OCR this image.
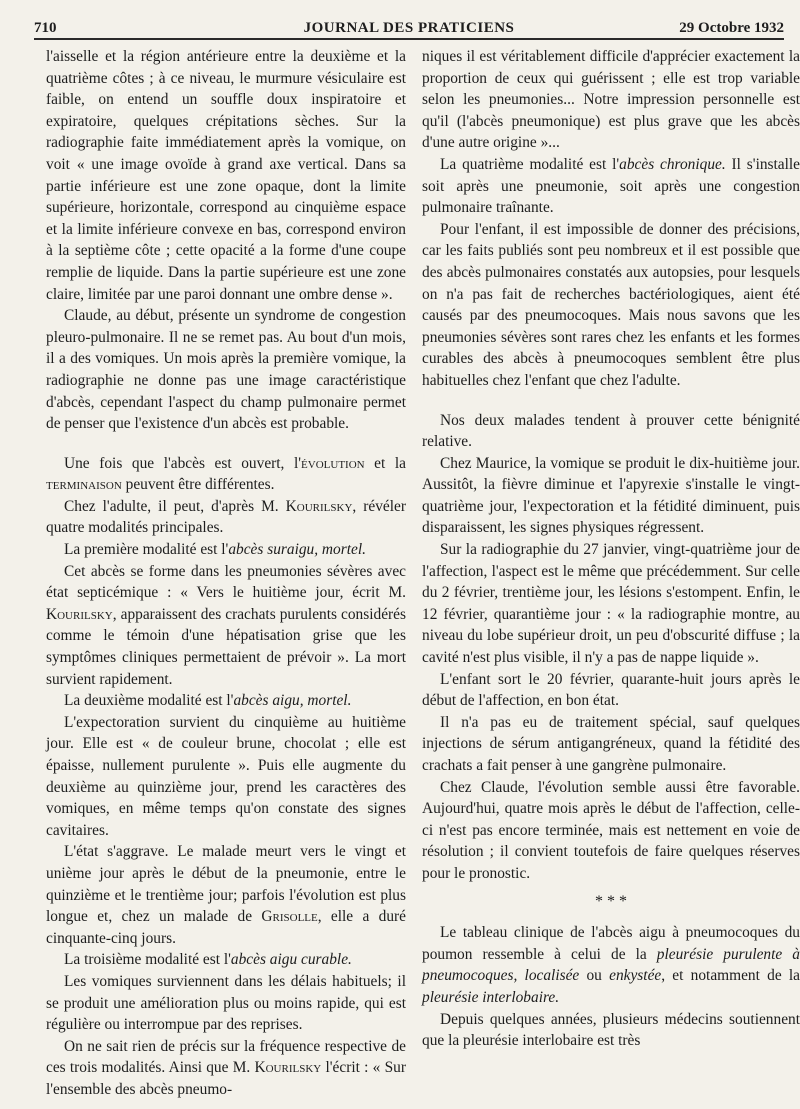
710	JOURNAL DES PRATICIENS	29 Octobre 1932

l'aisselle et la région antérieure entre la deuxième et la quatrième côtes ; à ce niveau, le murmure vésiculaire est faible, on entend un souffle doux inspiratoire et expiratoire, quelques crépitations sèches. Sur la radiographie faite immédiatement après la vomique, on voit « une image ovoïde à grand axe vertical. Dans sa partie inférieure est une zone opaque, dont la limite supérieure, horizontale, correspond au cinquième espace et la limite inférieure convexe en bas, correspond environ à la septième côte ; cette opacité a la forme d'une coupe remplie de liquide. Dans la partie supérieure est une zone claire, limitée par une paroi donnant une ombre dense ».

Claude, au début, présente un syndrome de congestion pleuro-pulmonaire. Il ne se remet pas. Au bout d'un mois, il a des vomiques. Un mois après la première vomique, la radiographie ne donne pas une image caractéristique d'abcès, cependant l'aspect du champ pulmonaire permet de penser que l'existence d'un abcès est probable.

Une fois que l'abcès est ouvert, l'évolution et la terminaison peuvent être différentes.

Chez l'adulte, il peut, d'après M. Kourilsky, révéler quatre modalités principales.

La première modalité est l'abcès suraigu, mortel.

Cet abcès se forme dans les pneumonies sévères avec état septicémique : « Vers le huitième jour, écrit M. Kourilsky, apparaissent des crachats purulents considérés comme le témoin d'une hépatisation grise que les symptômes cliniques permettaient de prévoir ». La mort survient rapidement.

La deuxième modalité est l'abcès aigu, mortel.

L'expectoration survient du cinquième au huitième jour. Elle est « de couleur brune, chocolat ; elle est épaisse, nullement purulente ». Puis elle augmente du deuxième au quinzième jour, prend les caractères des vomiques, en même temps qu'on constate des signes cavitaires.

L'état s'aggrave. Le malade meurt vers le vingt et unième jour après le début de la pneumonie, entre le quinzième et le trentième jour; parfois l'évolution est plus longue et, chez un malade de Grisolle, elle a duré cinquante-cinq jours.

La troisième modalité est l'abcès aigu curable.

Les vomiques surviennent dans les délais habituels; il se produit une amélioration plus ou moins rapide, qui est régulière ou interrompue par des reprises.

On ne sait rien de précis sur la fréquence respective de ces trois modalités. Ainsi que M. Kourilsky l'écrit : « Sur l'ensemble des abcès pneumo-

niques il est véritablement difficile d'apprécier exactement la proportion de ceux qui guérissent ; elle est trop variable selon les pneumonies... Notre impression personnelle est qu'il (l'abcès pneumonique) est plus grave que les abcès d'une autre origine »...

La quatrième modalité est l'abcès chronique. Il s'installe soit après une pneumonie, soit après une congestion pulmonaire traînante.

Pour l'enfant, il est impossible de donner des précisions, car les faits publiés sont peu nombreux et il est possible que des abcès pulmonaires constatés aux autopsies, pour lesquels on n'a pas fait de recherches bactériologiques, aient été causés par des pneumocoques. Mais nous savons que les pneumonies sévères sont rares chez les enfants et les formes curables des abcès à pneumocoques semblent être plus habituelles chez l'enfant que chez l'adulte.

Nos deux malades tendent à prouver cette bénignité relative.

Chez Maurice, la vomique se produit le dix-huitième jour. Aussitôt, la fièvre diminue et l'apyrexie s'installe le vingt-quatrième jour, l'expectoration et la fétidité diminuent, puis disparaissent, les signes physiques régressent.

Sur la radiographie du 27 janvier, vingt-quatrième jour de l'affection, l'aspect est le même que précédemment. Sur celle du 2 février, trentième jour, les lésions s'estompent. Enfin, le 12 février, quarantième jour : « la radiographie montre, au niveau du lobe supérieur droit, un peu d'obscurité diffuse ; la cavité n'est plus visible, il n'y a pas de nappe liquide ».

L'enfant sort le 20 février, quarante-huit jours après le début de l'affection, en bon état.

Il n'a pas eu de traitement spécial, sauf quelques injections de sérum antigangréneux, quand la fétidité des crachats a fait penser à une gangrène pulmonaire.

Chez Claude, l'évolution semble aussi être favorable. Aujourd'hui, quatre mois après le début de l'affection, celle-ci n'est pas encore terminée, mais est nettement en voie de résolution ; il convient toutefois de faire quelques réserves pour le pronostic.

* * *

Le tableau clinique de l'abcès aigu à pneumocoques du poumon ressemble à celui de la pleurésie purulente à pneumocoques, localisée ou enkystée, et notamment de la pleurésie interlobaire.

Depuis quelques années, plusieurs médecins soutiennent que la pleurésie interlobaire est très
